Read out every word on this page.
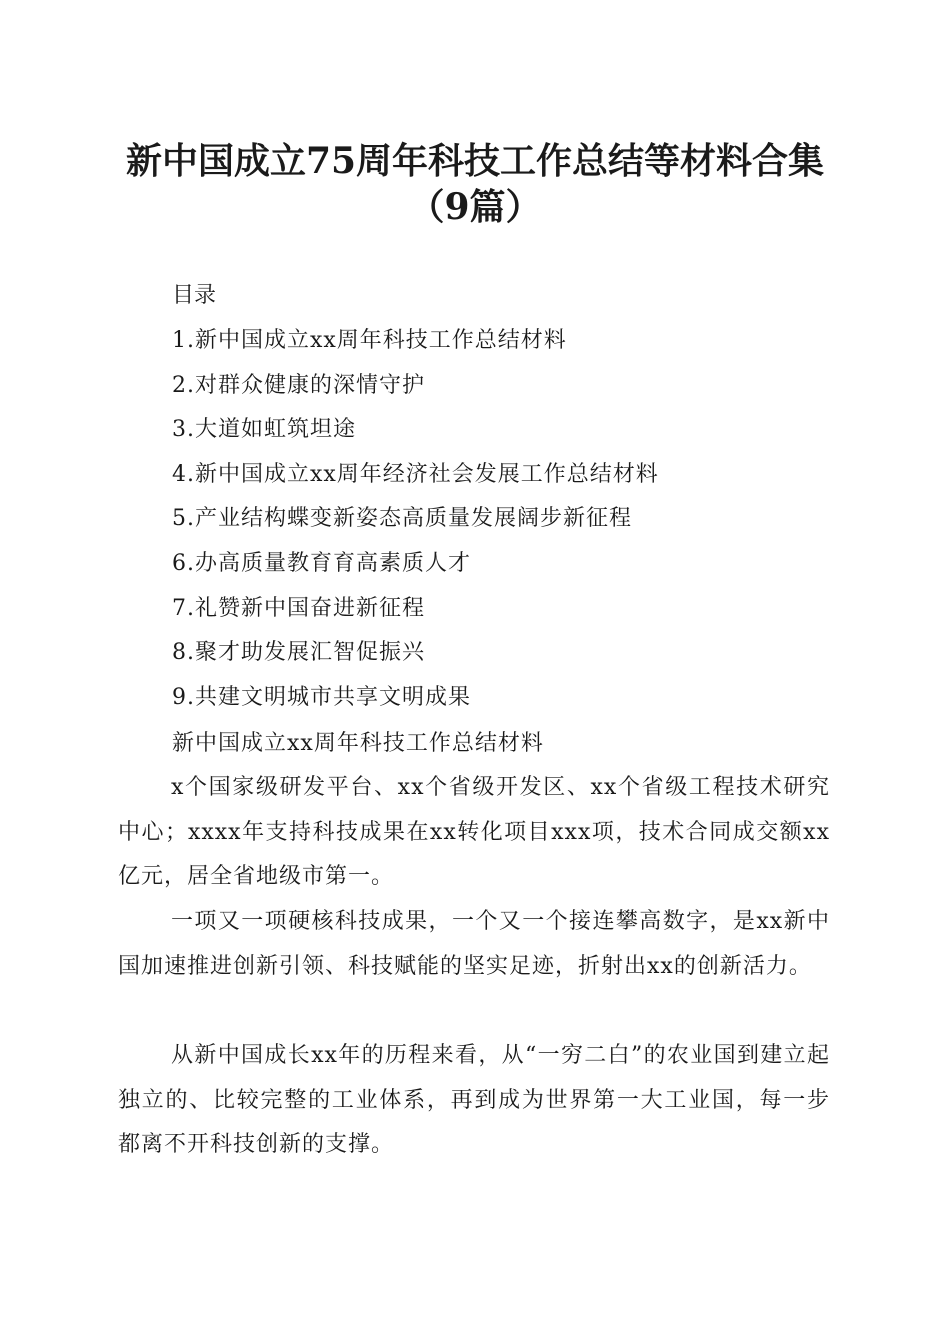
新中国成立75周年科技工作总结等材料合集
（9篇）
目录
1.新中国成立xx周年科技工作总结材料
2.对群众健康的深情守护
3.大道如虹筑坦途
4.新中国成立xx周年经济社会发展工作总结材料
5.产业结构蝶变新姿态高质量发展阔步新征程
6.办高质量教育育高素质人才
7.礼赞新中国奋进新征程
8.聚才助发展汇智促振兴
9.共建文明城市共享文明成果
新中国成立xx周年科技工作总结材料

x个国家级研发平台、xx个省级开发区、xx个省级工程技术研究中心；xxxx年支持科技成果在xx转化项目xxx项，技术合同成交额xx亿元，居全省地级市第一。

一项又一项硬核科技成果，一个又一个接连攀高数字，是xx新中国加速推进创新引领、科技赋能的坚实足迹，折射出xx的创新活力。

从新中国成长xx年的历程来看，从“一穷二白”的农业国到建立起独立的、比较完整的工业体系，再到成为世界第一大工业国，每一步都离不开科技创新的支撑。
